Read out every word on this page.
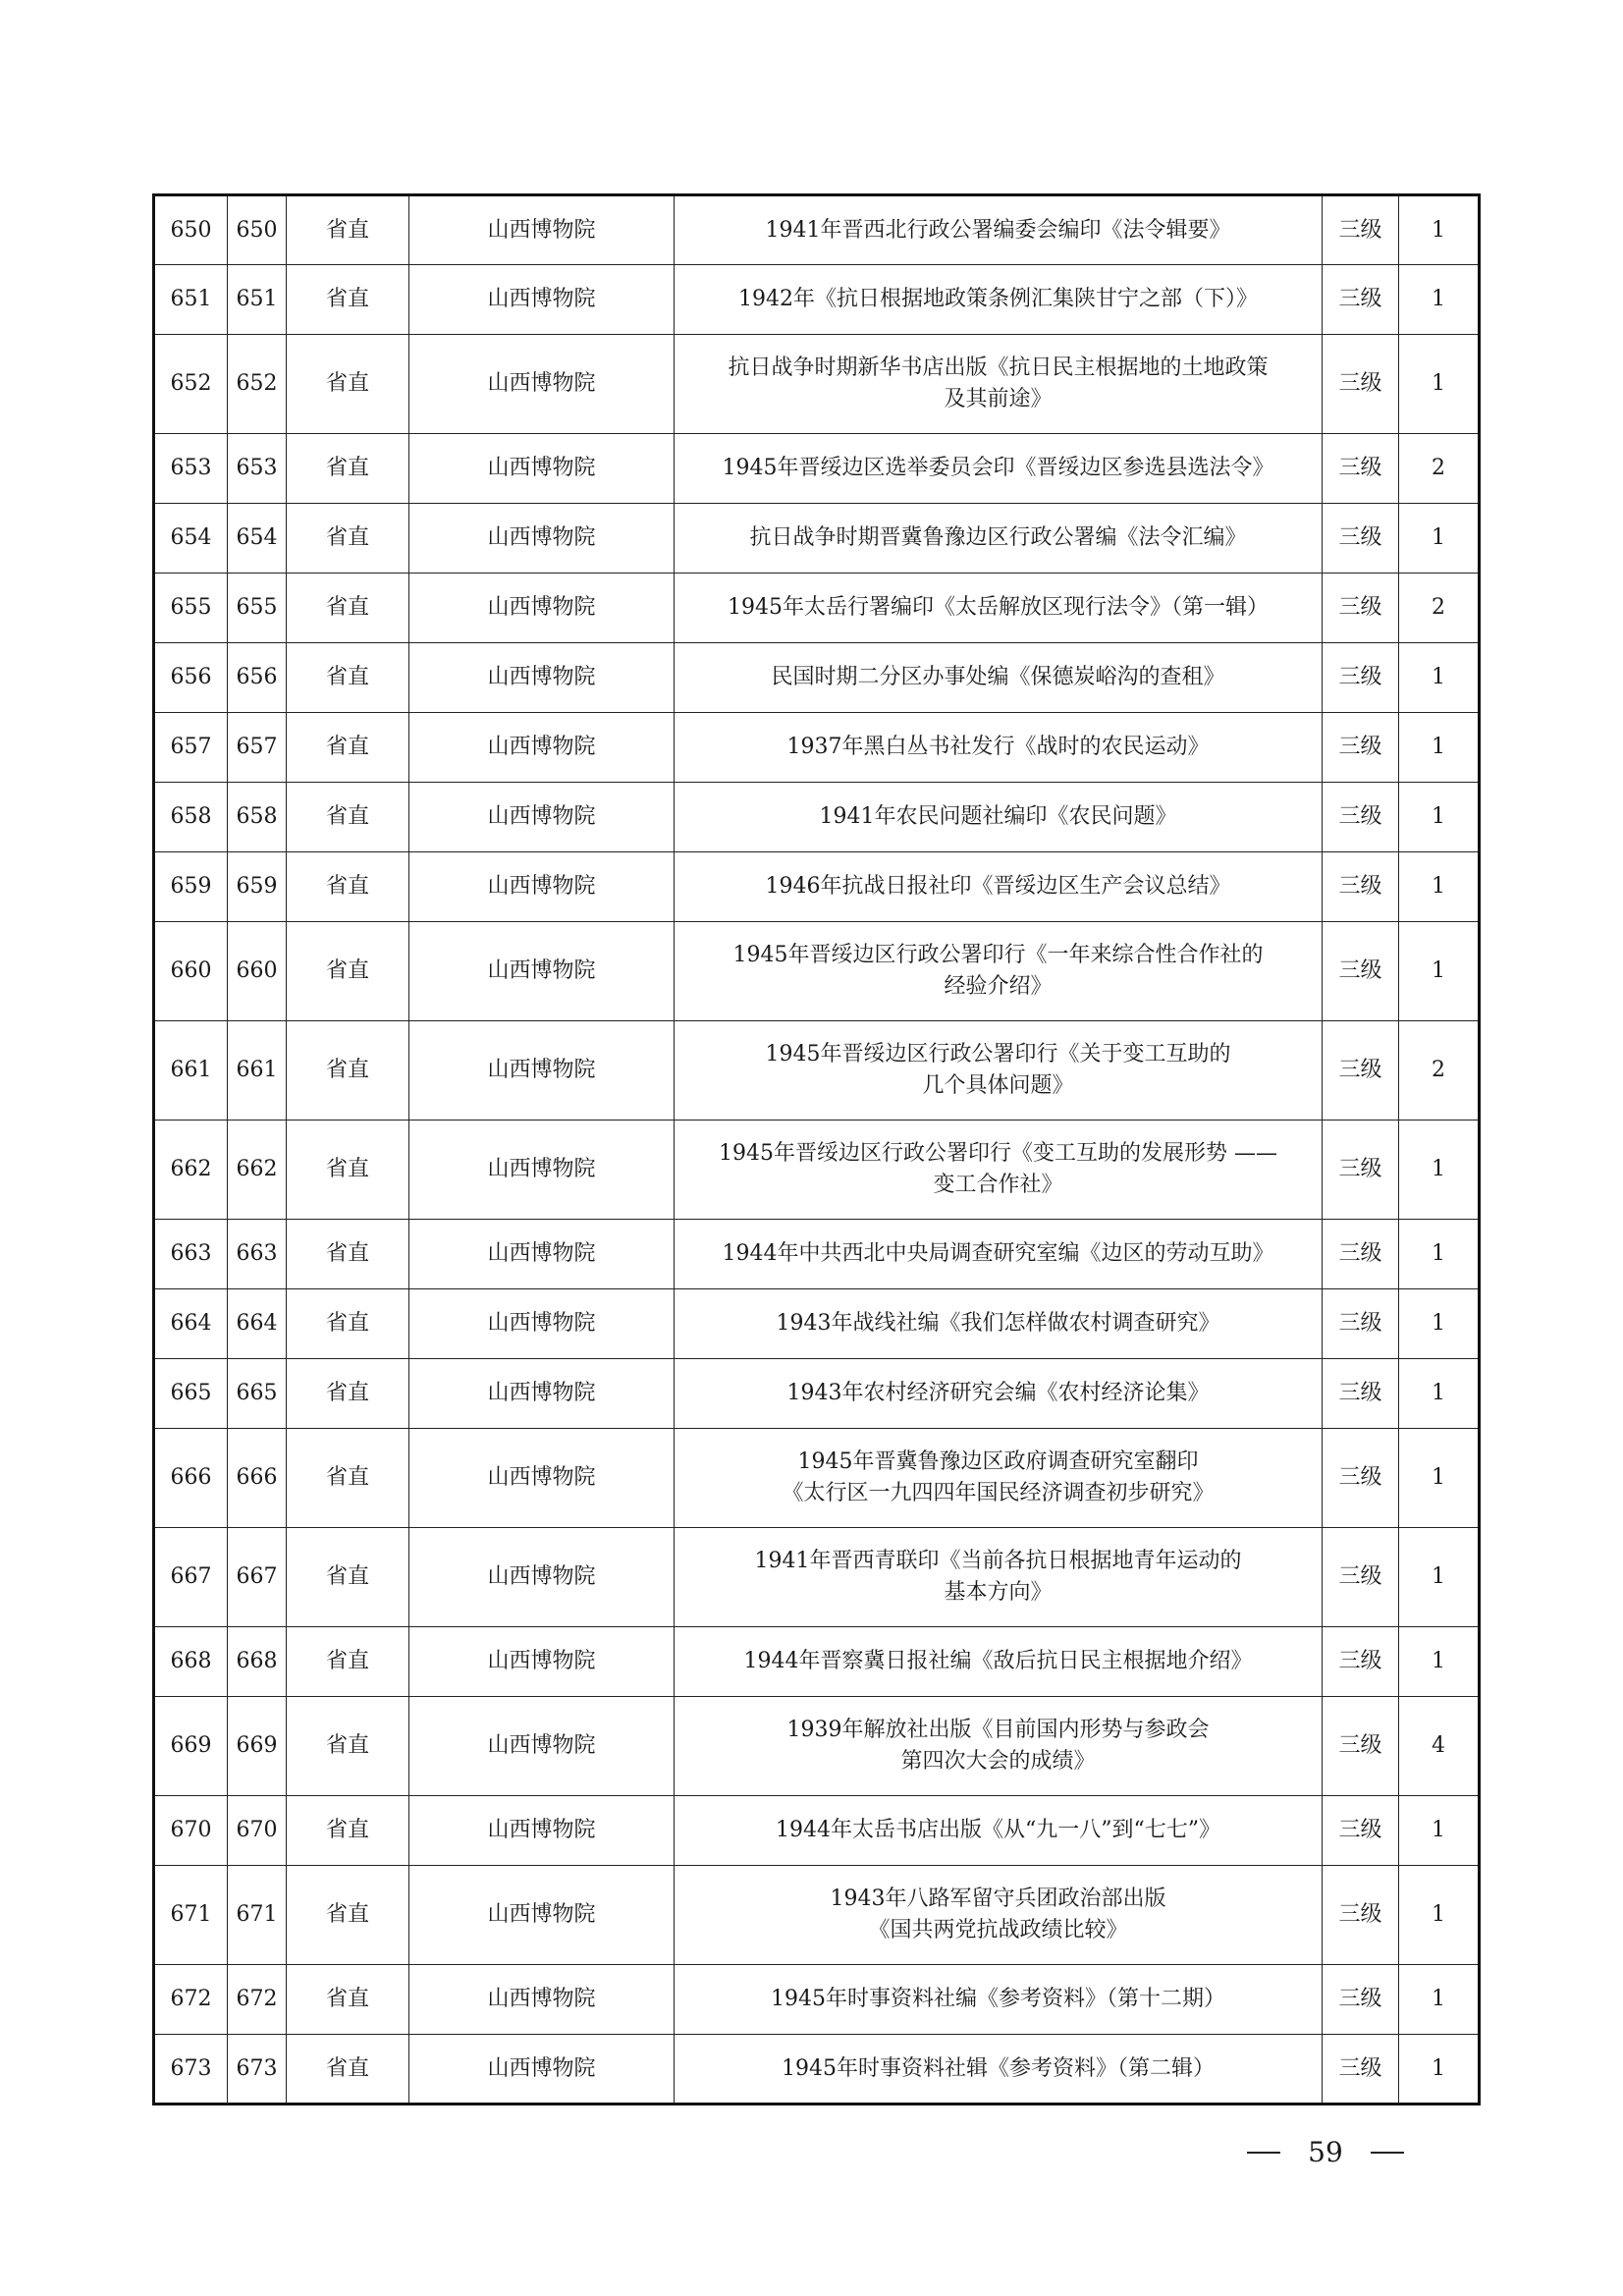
650	650	省直	山西博物院	1941年晋西北行政公署编委会编印《法令辑要》	三级	1
651	651	省直	山西博物院	1942年《抗日根据地政策条例汇集陕甘宁之部（下）》	三级	1
652	652	省直	山西博物院	抗日战争时期新华书店出版《抗日民主根据地的土地政策
及其前途》	三级	1
653	653	省直	山西博物院	1945年晋绥边区选举委员会印《晋绥边区参选县选法令》	三级	2
654	654	省直	山西博物院	抗日战争时期晋冀鲁豫边区行政公署编《法令汇编》	三级	1
655	655	省直	山西博物院	1945年太岳行署编印《太岳解放区现行法令》（第一辑）	三级	2
656	656	省直	山西博物院	民国时期二分区办事处编《保德炭峪沟的查租》	三级	1
657	657	省直	山西博物院	1937年黑白丛书社发行《战时的农民运动》	三级	1
658	658	省直	山西博物院	1941年农民问题社编印《农民问题》	三级	1
659	659	省直	山西博物院	1946年抗战日报社印《晋绥边区生产会议总结》	三级	1
660	660	省直	山西博物院	1945年晋绥边区行政公署印行《一年来综合性合作社的
经验介绍》	三级	1
661	661	省直	山西博物院	1945年晋绥边区行政公署印行《关于变工互助的
几个具体问题》	三级	2
662	662	省直	山西博物院	1945年晋绥边区行政公署印行《变工互助的发展形势 ——
变工合作社》	三级	1
663	663	省直	山西博物院	1944年中共西北中央局调查研究室编《边区的劳动互助》	三级	1
664	664	省直	山西博物院	1943年战线社编《我们怎样做农村调查研究》	三级	1
665	665	省直	山西博物院	1943年农村经济研究会编《农村经济论集》	三级	1
666	666	省直	山西博物院	1945年晋冀鲁豫边区政府调查研究室翻印
《太行区一九四四年国民经济调查初步研究》	三级	1
667	667	省直	山西博物院	1941年晋西青联印《当前各抗日根据地青年运动的
基本方向》	三级	1
668	668	省直	山西博物院	1944年晋察冀日报社编《敌后抗日民主根据地介绍》	三级	1
669	669	省直	山西博物院	1939年解放社出版《目前国内形势与参政会
第四次大会的成绩》	三级	4
670	670	省直	山西博物院	1944年太岳书店出版《从“九一八”到“七七”》	三级	1
671	671	省直	山西博物院	1943年八路军留守兵团政治部出版
《国共两党抗战政绩比较》	三级	1
672	672	省直	山西博物院	1945年时事资料社编《参考资料》（第十二期）	三级	1
673	673	省直	山西博物院	1945年时事资料社辑《参考资料》（第二辑）	三级	1
59
